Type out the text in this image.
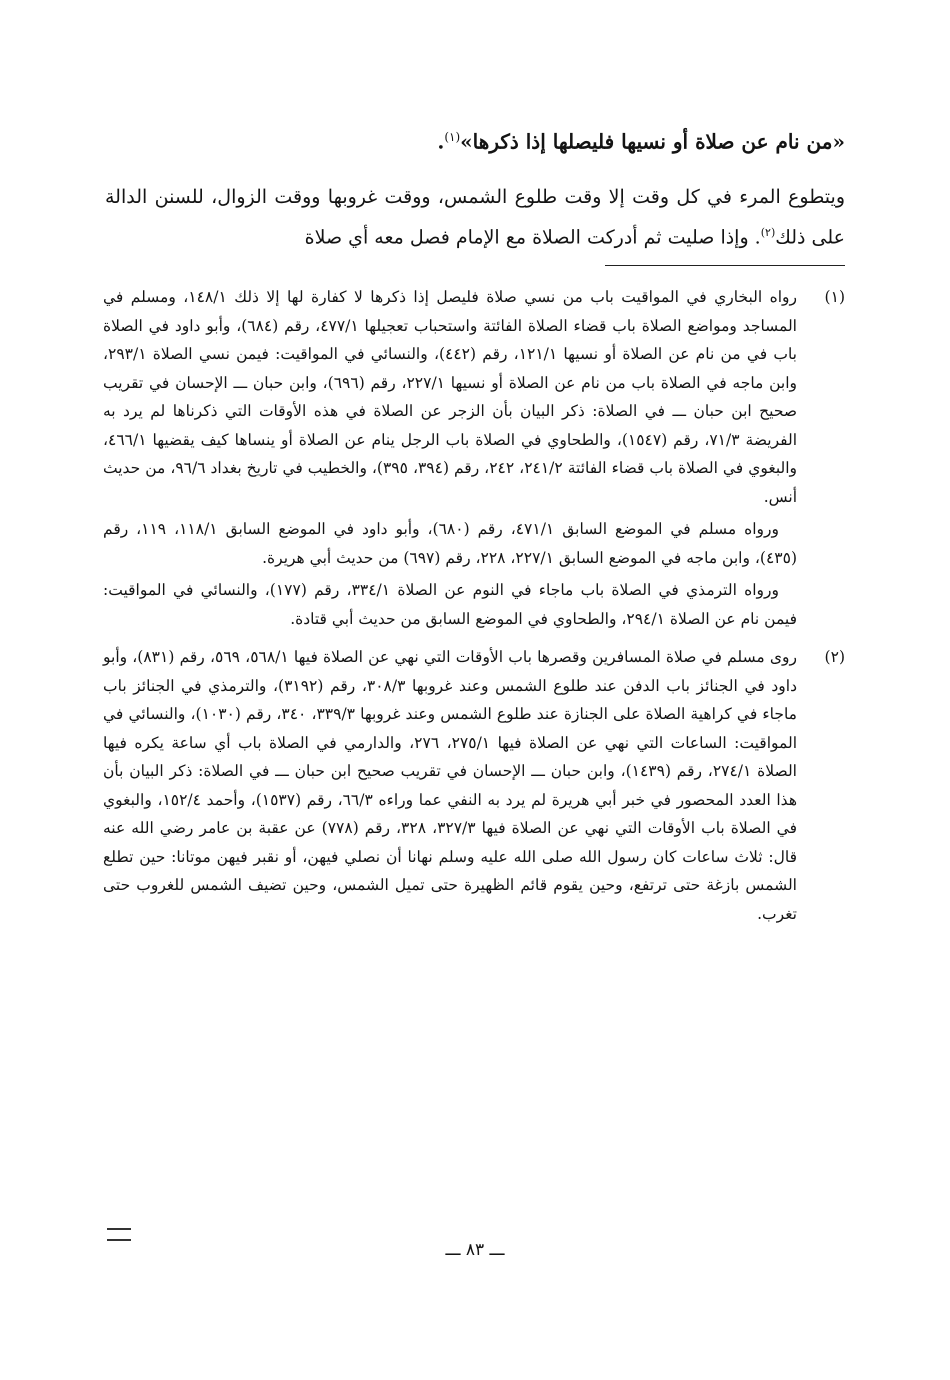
«من نام عن صلاة أو نسيها فليصلها إذا ذكرها»$^{(١)}$.
ويتطوع المرء في كل وقت إلا وقت طلوع الشمس، ووقت غروبها ووقت الزوال، للسنن الدالة على ذلك$^{(٢)}$. وإذا صليت ثم أدركت الصلاة مع الإمام فصل معه أي صلاة
(١)

رواه البخاري في المواقيت باب من نسي صلاة فليصل إذا ذكرها لا كفارة لها إلا ذلك ١٤٨/١، ومسلم في المساجد ومواضع الصلاة باب قضاء الصلاة الفائتة واستحباب تعجيلها ٤٧٧/١، رقم (٦٨٤)، وأبو داود في الصلاة باب في من نام عن الصلاة أو نسيها ١٢١/١، رقم (٤٤٢)، والنسائي في المواقيت: فيمن نسي الصلاة ٢٩٣/١، وابن ماجه في الصلاة باب من نام عن الصلاة أو نسيها ٢٢٧/١، رقم (٦٩٦)، وابن حبان ـــ الإحسان في تقريب صحيح ابن حبان ـــ في الصلاة: ذكر البيان بأن الزجر عن الصلاة في هذه الأوقات التي ذكرناها لم يرد به الفريضة ٧١/٣، رقم (١٥٤٧)، والطحاوي في الصلاة باب الرجل ينام عن الصلاة أو ينساها كيف يقضيها ٤٦٦/١، والبغوي في الصلاة باب قضاء الفائتة ٢٤١/٢، ٢٤٢، رقم (٣٩٤، ٣٩٥)، والخطيب في تاريخ بغداد ٩٦/٦، من حديث أنس.

ورواه مسلم في الموضع السابق ٤٧١/١، رقم (٦٨٠)، وأبو داود في الموضع السابق ١١٨/١، ١١٩، رقم (٤٣٥)، وابن ماجه في الموضع السابق ٢٢٧/١، ٢٢٨، رقم (٦٩٧) من حديث أبي هريرة.

ورواه الترمذي في الصلاة باب ماجاء في النوم عن الصلاة ٣٣٤/١، رقم (١٧٧)، والنسائي في المواقيت: فيمن نام عن الصلاة ٢٩٤/١، والطحاوي في الموضع السابق من حديث أبي قتادة.

(٢)

روى مسلم في صلاة المسافرين وقصرها باب الأوقات التي نهي عن الصلاة فيها ٥٦٨/١، ٥٦٩، رقم (٨٣١)، وأبو داود في الجنائز باب الدفن عند طلوع الشمس وعند غروبها ٣٠٨/٣، رقم (٣١٩٢)، والترمذي في الجنائز باب ماجاء في كراهية الصلاة على الجنازة عند طلوع الشمس وعند غروبها ٣٣٩/٣، ٣٤٠، رقم (١٠٣٠)، والنسائي في المواقيت: الساعات التي نهي عن الصلاة فيها ٢٧٥/١، ٢٧٦، والدارمي في الصلاة باب أي ساعة يكره فيها الصلاة ٢٧٤/١، رقم (١٤٣٩)، وابن حبان ـــ الإحسان في تقريب صحيح ابن حبان ـــ في الصلاة: ذكر البيان بأن هذا العدد المحصور في خبر أبي هريرة لم يرد به النفي عما وراءه ٦٦/٣، رقم (١٥٣٧)، وأحمد ١٥٢/٤، والبغوي في الصلاة باب الأوقات التي نهي عن الصلاة فيها ٣٢٧/٣، ٣٢٨، رقم (٧٧٨) عن عقبة بن عامر رضي الله عنه قال: ثلاث ساعات كان رسول الله صلى الله عليه وسلم نهانا أن نصلي فيهن، أو نقبر فيهن موتانا: حين تطلع الشمس بازغة حتى ترتفع، وحين يقوم قائم الظهيرة حتى تميل الشمس، وحين تضيف الشمس للغروب حتى تغرب.

ـــ ٨٣ ـــ
